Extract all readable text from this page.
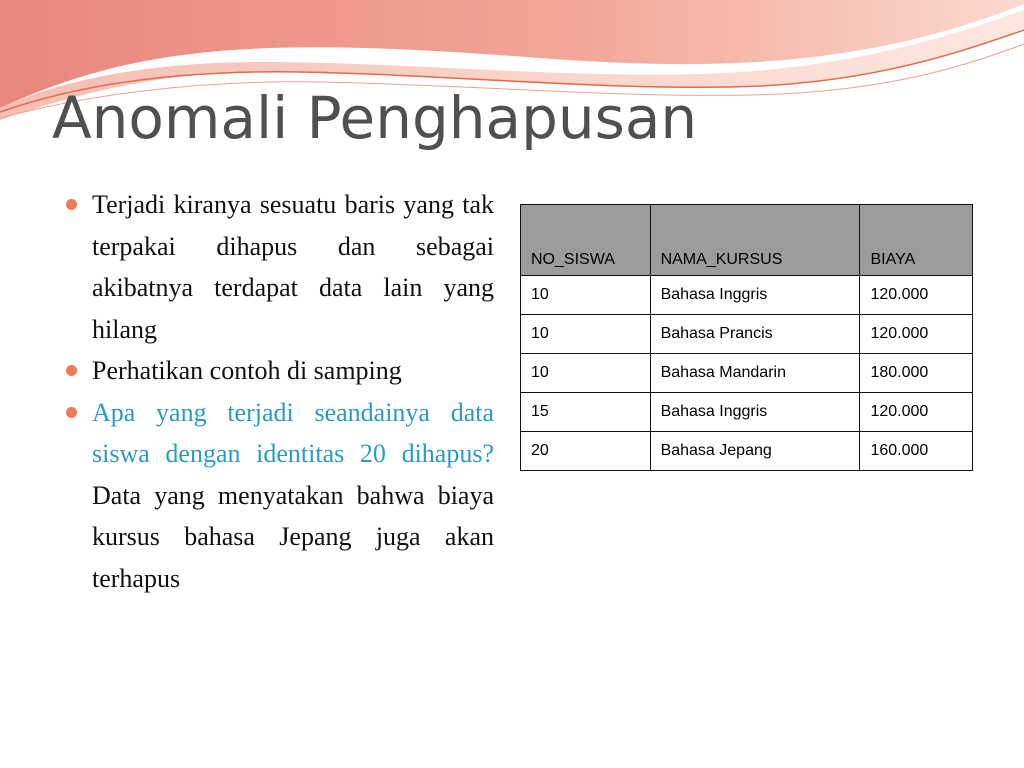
Anomali Penghapusan
Terjadi kiranya sesuatu baris yang tak terpakai dihapus dan sebagai akibatnya terdapat data lain yang hilang
Perhatikan contoh di samping
Apa yang terjadi seandainya data siswa dengan identitas 20 dihapus? Data yang menyatakan bahwa biaya kursus bahasa Jepang juga akan terhapus
NO_SISWA	NAMA_KURSUS	BIAYA
10	Bahasa Inggris	120.000
10	Bahasa Prancis	120.000
10	Bahasa Mandarin	180.000
15	Bahasa Inggris	120.000
20	Bahasa Jepang	160.000
